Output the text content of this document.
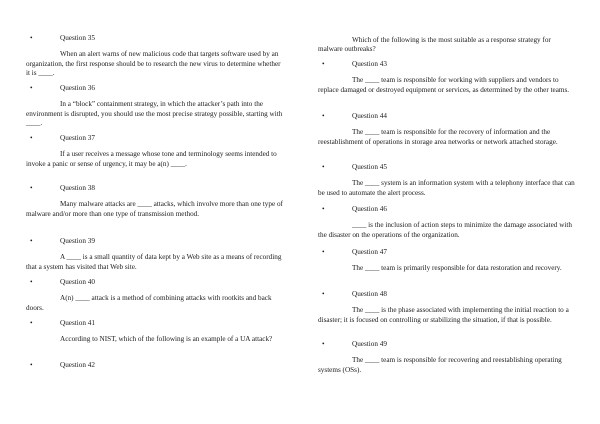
•	Question 35
When an alert warns of new malicious code that targets software used by an organization, the first response should be to research the new virus to determine whether it is ____.
•	Question 36
In a “block” containment strategy, in which the attacker’s path into the environment is disrupted, you should use the most precise strategy possible, starting with ____.
•	Question 37
If a user receives a message whose tone and terminology seems intended to invoke a panic or sense of urgency, it may be a(n) ____.
•	Question 38
Many malware attacks are ____ attacks, which involve more than one type of malware and/or more than one type of transmission method.
•	Question 39
A ____ is a small quantity of data kept by a Web site as a means of recording that a system has visited that Web site.
•	Question 40
A(n) ____ attack is a method of combining attacks with rootkits and back doors.
•	Question 41
According to NIST, which of the following is an example of a UA attack?
•	Question 42
Which of the following is the most suitable as a response strategy for malware outbreaks?
•	Question 43
The ____ team is responsible for working with suppliers and vendors to replace damaged or destroyed equipment or services, as determined by the other teams.
•	Question 44
The ____ team is responsible for the recovery of information and the reestablishment of operations in storage area networks or network attached storage.
•	Question 45
The ____ system is an information system with a telephony interface that can be used to automate the alert process.
•	Question 46
____ is the inclusion of action steps to minimize the damage associated with the disaster on the operations of the organization.
•	Question 47
The ____ team is primarily responsible for data restoration and recovery.
•	Question 48
The ____ is the phase associated with implementing the initial reaction to a disaster; it is focused on controlling or stabilizing the situation, if that is possible.
•	Question 49
The ____ team is responsible for recovering and reestablishing operating systems (OSs).
